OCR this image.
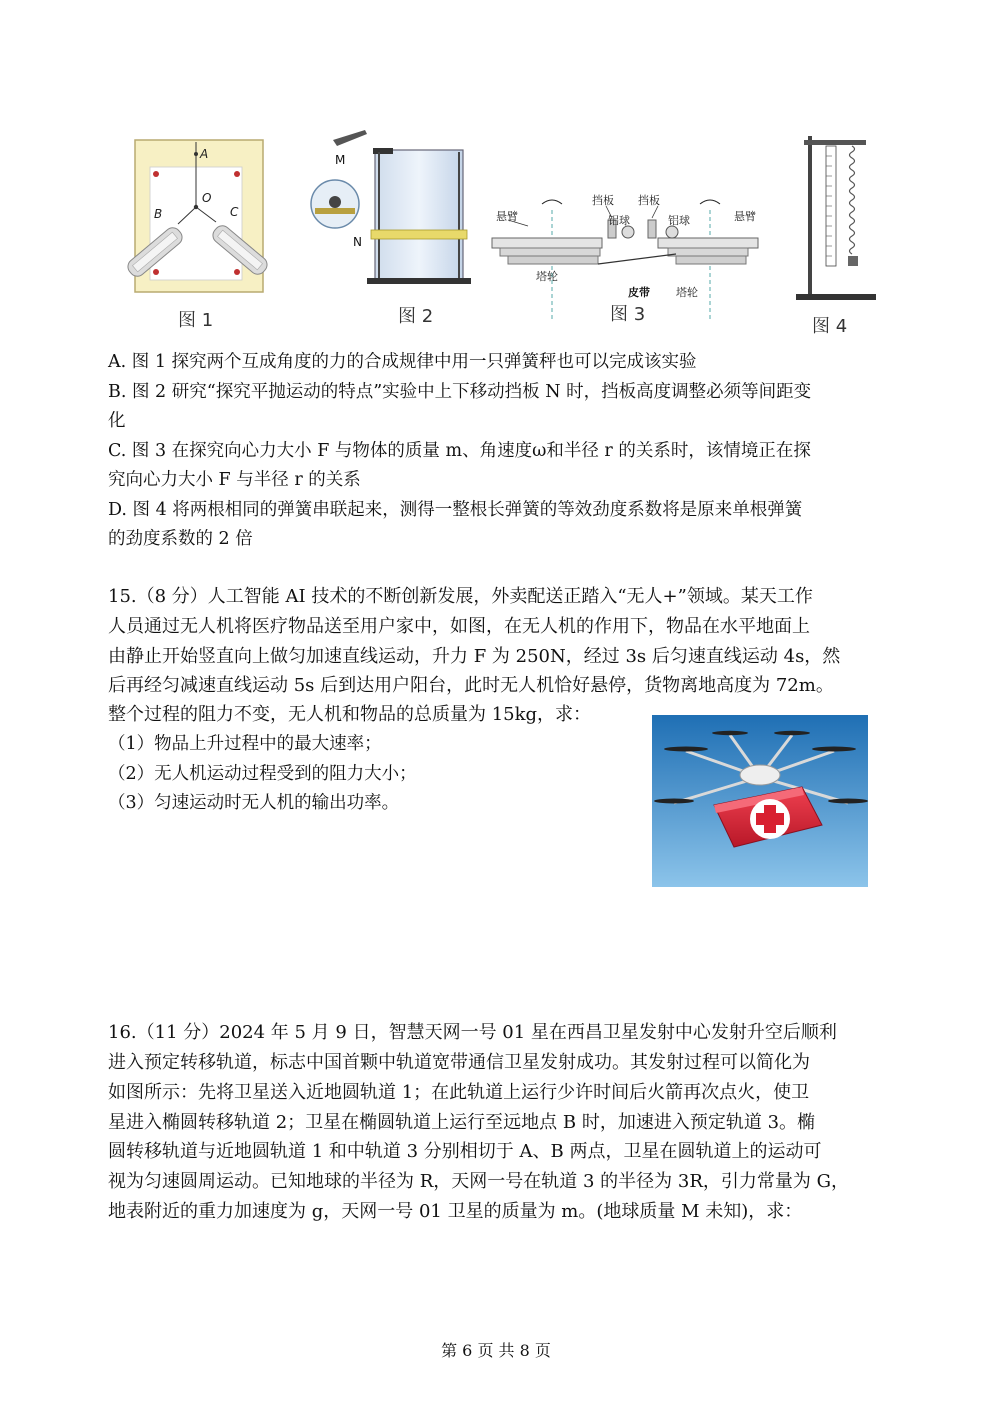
A
O
B	C
图 1
M
N
图 2
悬臂
挡板 挡板
铝球	铝球	悬臂
塔轮
皮带 塔轮
图 3
图 4
A. 图 1 探究两个互成角度的力的合成规律中用一只弹簧秤也可以完成该实验
B. 图 2 研究“探究平抛运动的特点”实验中上下移动挡板 N 时，挡板高度调整必须等间距变
化
C. 图 3 在探究向心力大小 F 与物体的质量 m、角速度ω和半径 r 的关系时，该情境正在探
究向心力大小 F 与半径 r 的关系
D. 图 4 将两根相同的弹簧串联起来，测得一整根长弹簧的等效劲度系数将是原来单根弹簧
的劲度系数的 2 倍
15.（8 分）人工智能 AI 技术的不断创新发展，外卖配送正踏入“无人+”领域。某天工作
人员通过无人机将医疗物品送至用户家中，如图，在无人机的作用下，物品在水平地面上
由静止开始竖直向上做匀加速直线运动，升力 F 为 250N，经过 3s 后匀速直线运动 4s，然
后再经匀减速直线运动 5s 后到达用户阳台，此时无人机恰好悬停，货物离地高度为 72m。
整个过程的阻力不变，无人机和物品的总质量为 15kg，求：
（1）物品上升过程中的最大速率；
（2）无人机运动过程受到的阻力大小；
（3）匀速运动时无人机的输出功率。
16.（11 分）2024 年 5 月 9 日，智慧天网一号 01 星在西昌卫星发射中心发射升空后顺利
进入预定转移轨道，标志中国首颗中轨道宽带通信卫星发射成功。其发射过程可以简化为
如图所示：先将卫星送入近地圆轨道 1；在此轨道上运行少许时间后火箭再次点火，使卫
星进入椭圆转移轨道 2；卫星在椭圆轨道上运行至远地点 B 时，加速进入预定轨道 3。椭
圆转移轨道与近地圆轨道 1 和中轨道 3 分别相切于 A、B 两点，卫星在圆轨道上的运动可
视为匀速圆周运动。已知地球的半径为 R，天网一号在轨道 3 的半径为 3R，引力常量为 G，
地表附近的重力加速度为 g，天网一号 01 卫星的质量为 m。(地球质量 M 未知)，求：
第 6 页 共 8 页
